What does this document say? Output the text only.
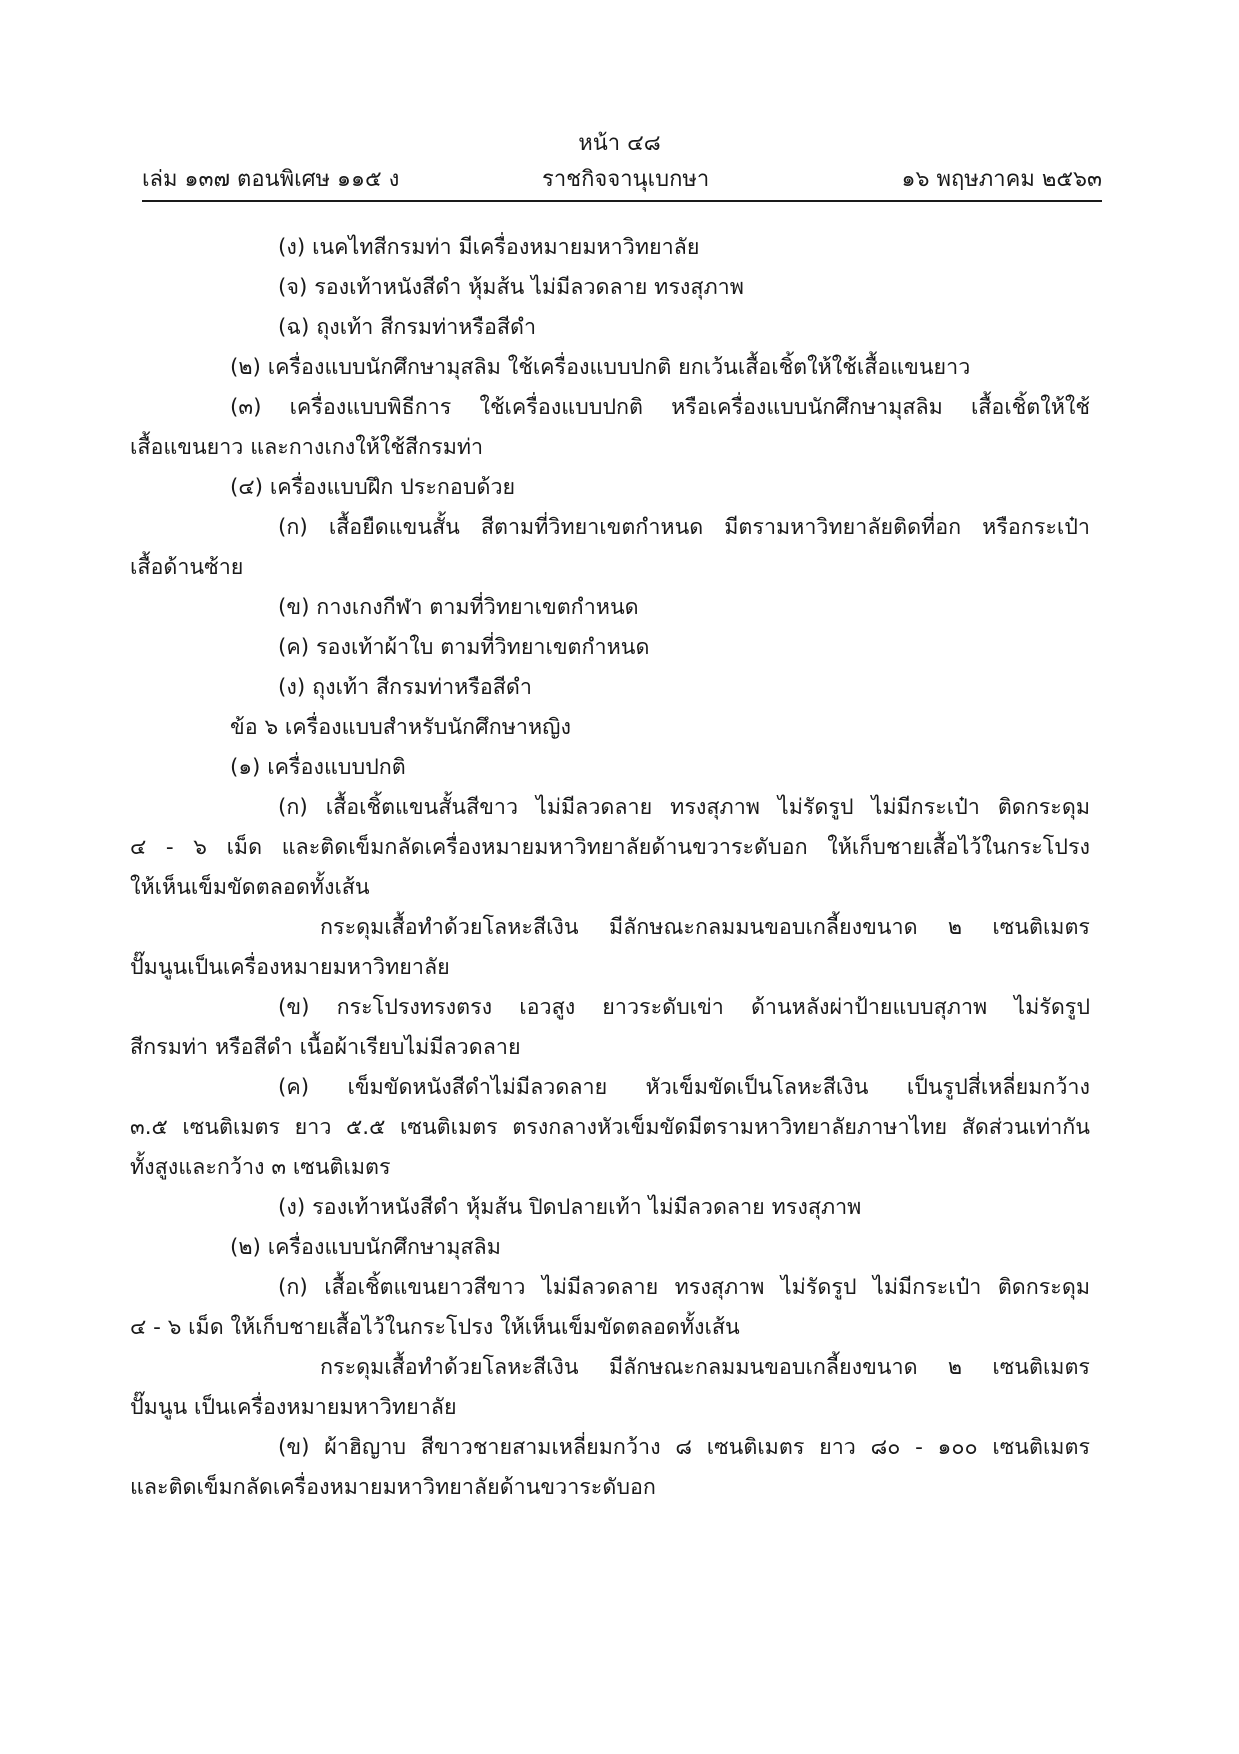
หน้า ๔๘
เล่ม ๑๓๗ ตอนพิเศษ ๑๑๕ ง	ราชกิจจานุเบกษา	๑๖ พฤษภาคม ๒๕๖๓
(ง) เนคไทสีกรมท่า มีเครื่องหมายมหาวิทยาลัย
(จ) รองเท้าหนังสีดำ หุ้มส้น ไม่มีลวดลาย ทรงสุภาพ
(ฉ) ถุงเท้า สีกรมท่าหรือสีดำ
(๒) เครื่องแบบนักศึกษามุสลิม ใช้เครื่องแบบปกติ ยกเว้นเสื้อเชิ้ตให้ใช้เสื้อแขนยาว
(๓) เครื่องแบบพิธีการ ใช้เครื่องแบบปกติ หรือเครื่องแบบนักศึกษามุสลิม เสื้อเชิ้ตให้ใช้
เสื้อแขนยาว และกางเกงให้ใช้สีกรมท่า
(๔) เครื่องแบบฝึก ประกอบด้วย
(ก) เสื้อยืดแขนสั้น สีตามที่วิทยาเขตกำหนด มีตรามหาวิทยาลัยติดที่อก หรือกระเป๋า
เสื้อด้านซ้าย
(ข) กางเกงกีฬา ตามที่วิทยาเขตกำหนด
(ค) รองเท้าผ้าใบ ตามที่วิทยาเขตกำหนด
(ง) ถุงเท้า สีกรมท่าหรือสีดำ
ข้อ ๖ เครื่องแบบสำหรับนักศึกษาหญิง
(๑) เครื่องแบบปกติ
(ก) เสื้อเชิ้ตแขนสั้นสีขาว ไม่มีลวดลาย ทรงสุภาพ ไม่รัดรูป ไม่มีกระเป๋า ติดกระดุม
๔ - ๖ เม็ด และติดเข็มกลัดเครื่องหมายมหาวิทยาลัยด้านขวาระดับอก ให้เก็บชายเสื้อไว้ในกระโปรง
ให้เห็นเข็มขัดตลอดทั้งเส้น
กระดุมเสื้อทำด้วยโลหะสีเงิน มีลักษณะกลมมนขอบเกลี้ยงขนาด ๒ เซนติเมตร
ปั๊มนูนเป็นเครื่องหมายมหาวิทยาลัย
(ข) กระโปรงทรงตรง เอวสูง ยาวระดับเข่า ด้านหลังผ่าป้ายแบบสุภาพ ไม่รัดรูป
สีกรมท่า หรือสีดำ เนื้อผ้าเรียบไม่มีลวดลาย
(ค) เข็มขัดหนังสีดำไม่มีลวดลาย หัวเข็มขัดเป็นโลหะสีเงิน เป็นรูปสี่เหลี่ยมกว้าง
๓.๕ เซนติเมตร ยาว ๕.๕ เซนติเมตร ตรงกลางหัวเข็มขัดมีตรามหาวิทยาลัยภาษาไทย สัดส่วนเท่ากัน
ทั้งสูงและกว้าง ๓ เซนติเมตร
(ง) รองเท้าหนังสีดำ หุ้มส้น ปิดปลายเท้า ไม่มีลวดลาย ทรงสุภาพ
(๒) เครื่องแบบนักศึกษามุสลิม
(ก) เสื้อเชิ้ตแขนยาวสีขาว ไม่มีลวดลาย ทรงสุภาพ ไม่รัดรูป ไม่มีกระเป๋า ติดกระดุม
๔ - ๖ เม็ด ให้เก็บชายเสื้อไว้ในกระโปรง ให้เห็นเข็มขัดตลอดทั้งเส้น
กระดุมเสื้อทำด้วยโลหะสีเงิน มีลักษณะกลมมนขอบเกลี้ยงขนาด ๒ เซนติเมตร
ปั๊มนูน เป็นเครื่องหมายมหาวิทยาลัย
(ข) ผ้าฮิญาบ สีขาวชายสามเหลี่ยมกว้าง ๘ เซนติเมตร ยาว ๘๐ - ๑๐๐ เซนติเมตร
และติดเข็มกลัดเครื่องหมายมหาวิทยาลัยด้านขวาระดับอก
